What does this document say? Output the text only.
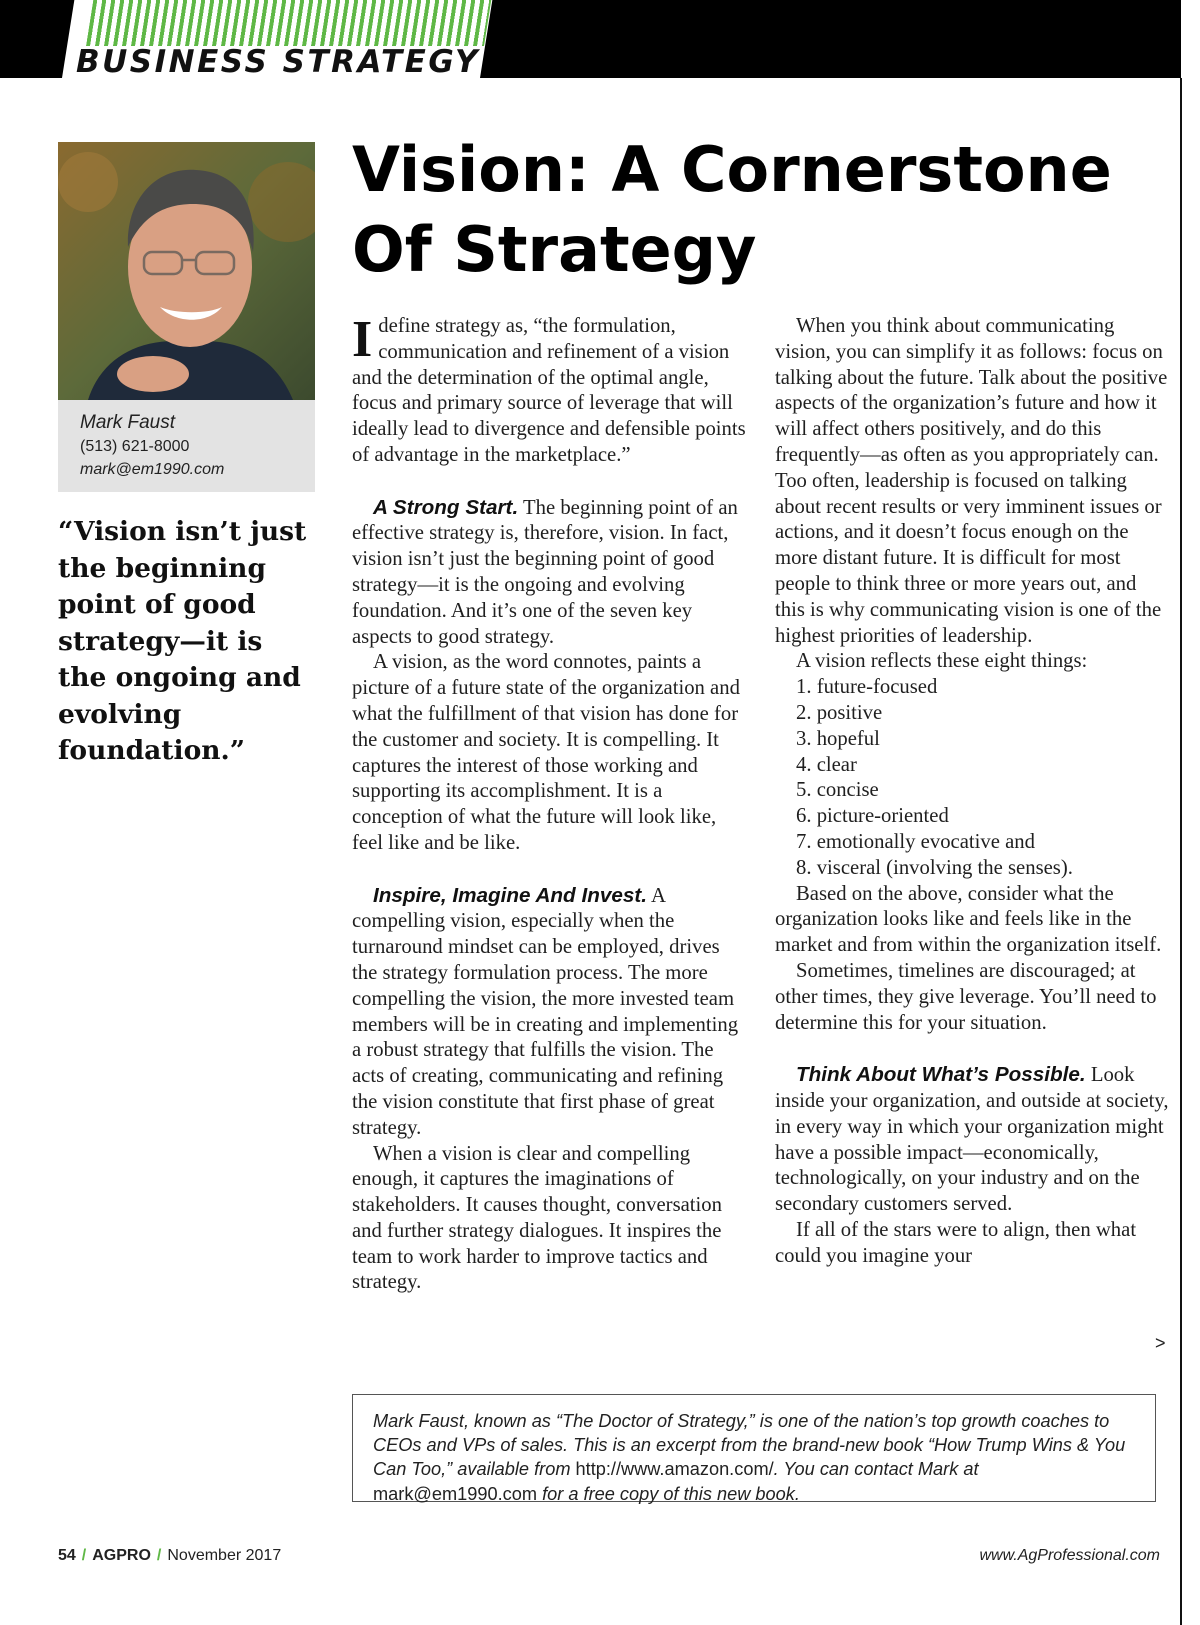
BUSINESS STRATEGY
Mark Faust
(513) 621-8000
mark@em1990.com

“Vision isn’t just the beginning point of good strategy—it is the ongoing and evolving foundation.”

Vision: A Cornerstone Of Strategy

Idefine strategy as, “the formulation, communication and refinement of a vision and the determination of the optimal angle, focus and primary source of leverage that will ideally lead to divergence and defensible points of advantage in the marketplace.”

A Strong Start. The beginning point of an effective strategy is, therefore, vision. In fact, vision isn’t just the beginning point of good strategy—it is the ongoing and evolving foundation. And it’s one of the seven key aspects to good strategy.

A vision, as the word connotes, paints a picture of a future state of the organization and what the fulfillment of that vision has done for the customer and society. It is compelling. It captures the interest of those working and supporting its accomplishment. It is a conception of what the future will look like, feel like and be like.

Inspire, Imagine And Invest. A compelling vision, especially when the turnaround mindset can be employed, drives the strategy formulation process. The more compelling the vision, the more invested team members will be in creating and implementing a robust strategy that fulfills the vision. The acts of creating, communicating and refining the vision constitute that first phase of great strategy.

When a vision is clear and compelling enough, it captures the imaginations of stakeholders. It causes thought, conversation and further strategy dialogues. It inspires the team to work harder to improve tactics and strategy.

When you think about communicating vision, you can simplify it as follows: focus on talking about the future. Talk about the positive aspects of the organization’s future and how it will affect others positively, and do this frequently—as often as you appropriately can. Too often, leadership is focused on talking about recent results or very imminent issues or actions, and it doesn’t focus enough on the more distant future. It is difficult for most people to think three or more years out, and this is why communicating vision is one of the highest priorities of leadership.

A vision reflects these eight things:

1. future-focused
2. positive
3. hopeful
4. clear
5. concise
6. picture-oriented
7. emotionally evocative and
8. visceral (involving the senses).

Based on the above, consider what the organization looks like and feels like in the market and from within the organization itself.

Sometimes, timelines are discouraged; at other times, they give leverage. You’ll need to determine this for your situation.

Think About What’s Possible. Look inside your organization, and outside at society, in every way in which your organization might have a possible impact—economically, technologically, on your industry and on the secondary customers served.

If all of the stars were to align, then what could you imagine your

>

Mark Faust, known as “The Doctor of Strategy,” is one of the nation’s top growth coaches to CEOs and VPs of sales. This is an excerpt from the brand-new book “How Trump Wins & You Can Too,” available from http://www.amazon.com/. You can contact Mark at mark@em1990.com for a free copy of this new book.

54 / AGPRO / November 2017	www.AgProfessional.com
